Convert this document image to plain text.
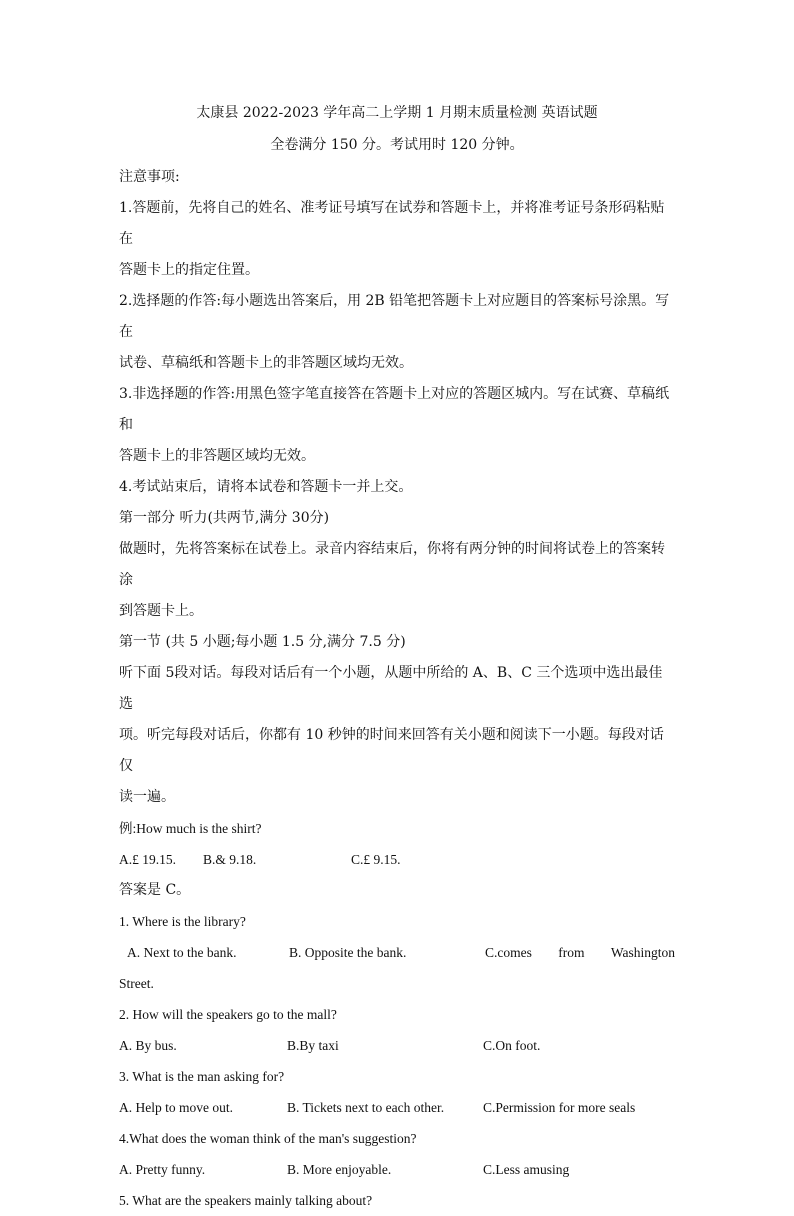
太康县 2022-2023 学年高二上学期 1 月期末质量检测 英语试题
全卷满分 150 分。考试用时 120 分钟。

注意事项:

1.答题前，先将自己的姓名、准考证号填写在试券和答题卡上，并将准考证号条形码粘贴在

答题卡上的指定住置。

2.选择题的作答:每小题选出答案后，用 2B 铅笔把答题卡上对应题目的答案标号涂黑。写在

试卷、草稿纸和答题卡上的非答题区域均无效。

3.非选择题的作答:用黑色签字笔直接答在答题卡上对应的答题区城内。写在试赛、草稿纸和

答题卡上的非答题区域均无效。

4.考试站束后，请将本试卷和答题卡一并上交。

第一部分 听力(共两节,满分 30分)

做题时，先将答案标在试卷上。录音内容结束后，你将有两分钟的时间将试卷上的答案转涂

到答题卡上。

第一节 (共 5 小题;每小题 1.5 分,满分 7.5 分)

听下面 5段对话。每段对话后有一个小题，从题中所给的 A、B、C 三个选项中选出最佳选

项。听完每段对话后，你都有 10 秒钟的时间来回答有关小题和阅读下一小题。每段对话仅

读一遍。

例:How much is the shirt?

A.£ 19.15.	B.& 9.18.	C.£ 9.15.

答案是 C。

1. Where is the library?

A. Next to the bank.	B. Opposite the bank.	C.comes from Washington

Street.

2. How will the speakers go to the mall?

A. By bus.	B.By taxi	C.On foot.

3. What is the man asking for?

A. Help to move out.	B. Tickets next to each other.	C.Permission for more seals

4.What does the woman think of the man's suggestion?

A. Pretty funny.	B. More enjoyable.	C.Less amusing

5. What are the speakers mainly talking about?
